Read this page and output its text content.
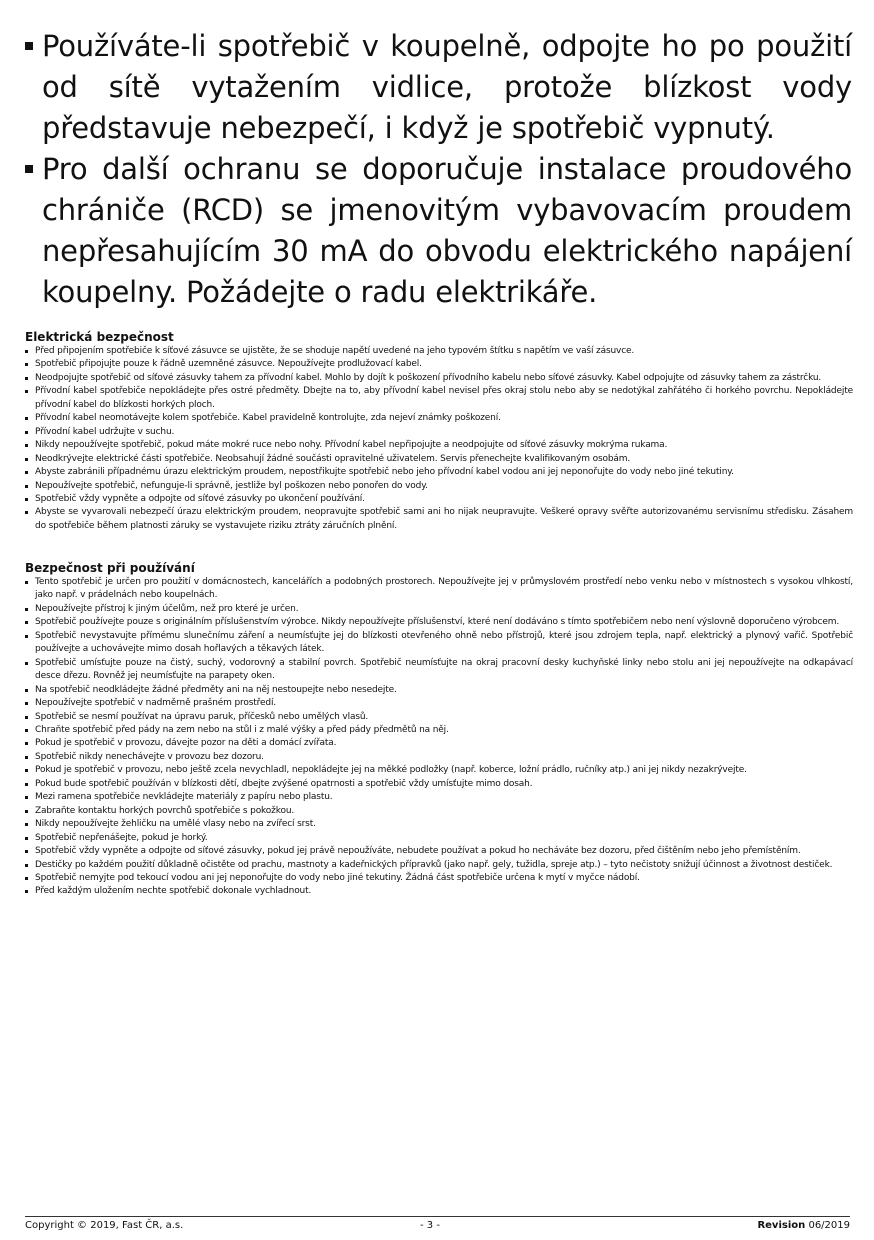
Používáte-li spotřebič v koupelně, odpojte ho po použití od sítě vytažením vidlice, protože blízkost vody představuje nebezpečí, i když je spotřebič vypnutý.
Pro další ochranu se doporučuje instalace proudového chrániče (RCD) se jmenovitým vybavovacím proudem nepřesahujícím 30 mA do obvodu elektrického napájení koupelny. Požádejte o radu elektrikáře.
Elektrická bezpečnost
Před připojením spotřebiče k síťové zásuvce se ujistěte, že se shoduje napětí uvedené na jeho typovém štítku s napětím ve vaší zásuvce.
Spotřebič připojujte pouze k řádně uzemněné zásuvce. Nepoužívejte prodlužovací kabel.
Neodpojujte spotřebič od síťové zásuvky tahem za přívodní kabel. Mohlo by dojít k poškození přívodního kabelu nebo síťové zásuvky. Kabel odpojujte od zásuvky tahem za zástrčku.
Přívodní kabel spotřebiče nepokládejte přes ostré předměty. Dbejte na to, aby přívodní kabel nevisel přes okraj stolu nebo aby se nedotýkal zahřátého či horkého povrchu. Nepokládejte přívodní kabel do blízkosti horkých ploch.
Přívodní kabel neomotávejte kolem spotřebiče. Kabel pravidelně kontrolujte, zda nejeví známky poškození.
Přívodní kabel udržujte v suchu.
Nikdy nepoužívejte spotřebič, pokud máte mokré ruce nebo nohy. Přívodní kabel nepřipojujte a neodpojujte od síťové zásuvky mokrýma rukama.
Neodkrývejte elektrické části spotřebiče. Neobsahují žádné součásti opravitelné uživatelem. Servis přenechejte kvalifikovaným osobám.
Abyste zabránili případnému úrazu elektrickým proudem, nepostřikujte spotřebič nebo jeho přívodní kabel vodou ani jej neponořujte do vody nebo jiné tekutiny.
Nepoužívejte spotřebič, nefunguje-li správně, jestliže byl poškozen nebo ponořen do vody.
Spotřebič vždy vypněte a odpojte od síťové zásuvky po ukončení používání.
Abyste se vyvarovali nebezpečí úrazu elektrickým proudem, neopravujte spotřebič sami ani ho nijak neupravujte. Veškeré opravy svěřte autorizovanému servisnímu středisku. Zásahem do spotřebiče během platnosti záruky se vystavujete riziku ztráty záručních plnění.
Bezpečnost při používání
Tento spotřebič je určen pro použití v domácnostech, kancelářích a podobných prostorech. Nepoužívejte jej v průmyslovém prostředí nebo venku nebo v místnostech s vysokou vlhkostí, jako např. v prádelnách nebo koupelnách.
Nepoužívejte přístroj k jiným účelům, než pro které je určen.
Spotřebič používejte pouze s originálním příslušenstvím výrobce. Nikdy nepoužívejte příslušenství, které není dodáváno s tímto spotřebičem nebo není výslovně doporučeno výrobcem.
Spotřebič nevystavujte přímému slunečnímu záření a neumísťujte jej do blízkosti otevřeného ohně nebo přístrojů, které jsou zdrojem tepla, např. elektrický a plynový vařič. Spotřebič používejte a uchovávejte mimo dosah hořlavých a těkavých látek.
Spotřebič umísťujte pouze na čistý, suchý, vodorovný a stabilní povrch. Spotřebič neumísťujte na okraj pracovní desky kuchyňské linky nebo stolu ani jej nepoužívejte na odkapávací desce dřezu. Rovněž jej neumísťujte na parapety oken.
Na spotřebič neodkládejte žádné předměty ani na něj nestoupejte nebo nesedejte.
Nepoužívejte spotřebič v nadměrně prašném prostředí.
Spotřebič se nesmí používat na úpravu paruk, příčesků nebo umělých vlasů.
Chraňte spotřebič před pády na zem nebo na stůl i z malé výšky a před pády předmětů na něj.
Pokud je spotřebič v provozu, dávejte pozor na děti a domácí zvířata.
Spotřebič nikdy nenechávejte v provozu bez dozoru.
Pokud je spotřebič v provozu, nebo ještě zcela nevychladl, nepokládejte jej na měkké podložky (např. koberce, ložní prádlo, ručníky atp.) ani jej nikdy nezakrývejte.
Pokud bude spotřebič používán v blízkosti dětí, dbejte zvýšené opatrnosti a spotřebič vždy umísťujte mimo dosah.
Mezi ramena spotřebiče nevkládejte materiály z papíru nebo plastu.
Zabraňte kontaktu horkých povrchů spotřebiče s pokožkou.
Nikdy nepoužívejte žehličku na umělé vlasy nebo na zvířecí srst.
Spotřebič nepřenášejte, pokud je horký.
Spotřebič vždy vypněte a odpojte od síťové zásuvky, pokud jej právě nepoužíváte, nebudete používat a pokud ho necháváte bez dozoru, před čištěním nebo jeho přemístěním.
Destičky po každém použití důkladně očistěte od prachu, mastnoty a kadeřnických přípravků (jako např. gely, tužidla, spreje atp.) – tyto nečistoty snižují účinnost a životnost destiček.
Spotřebič nemyjte pod tekoucí vodou ani jej neponořujte do vody nebo jiné tekutiny. Žádná část spotřebiče určena k mytí v myčce nádobí.
Před každým uložením nechte spotřebič dokonale vychladnout.
Copyright © 2019, Fast ČR, a.s.	- 3 -	Revision 06/2019
